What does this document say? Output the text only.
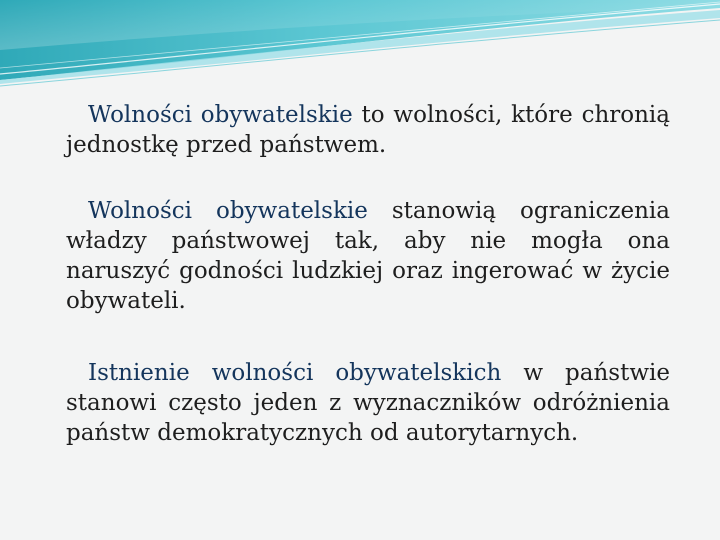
Wolności obywatelskie to wolności, które chronią jednostkę przed państwem.

Wolności obywatelskie stanowią ograniczenia władzy państwowej tak, aby nie mogła ona naruszyć godności ludzkiej oraz ingerować w życie obywateli.

Istnienie wolności obywatelskich w państwie stanowi często jeden z wyznaczników odróżnienia państw demokratycznych od autorytarnych.
